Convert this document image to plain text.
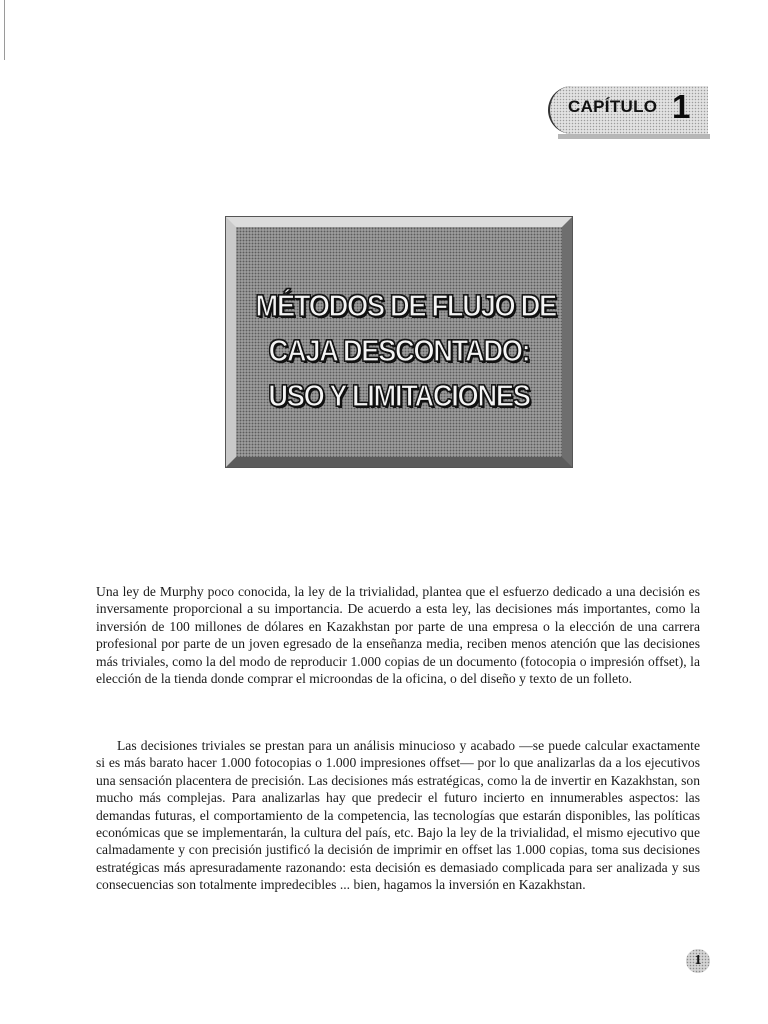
CAPÍTULO 1
MÉTODOS DE FLUJO DE
CAJA DESCONTADO:
USO Y LIMITACIONES

Una ley de Murphy poco conocida, la ley de la trivialidad, plantea que el esfuerzo dedicado a una decisión es inversamente proporcional a su importancia. De acuerdo a esta ley, las decisiones más importantes, como la inversión de 100 millones de dólares en Kazakhstan por parte de una empresa o la elección de una carrera profesional por parte de un joven egresado de la enseñanza media, reciben menos atención que las decisiones más triviales, como la del modo de reproducir 1.000 copias de un documento (fotocopia o impresión offset), la elección de la tienda donde comprar el microondas de la oficina, o del diseño y texto de un folleto.

Las decisiones triviales se prestan para un análisis minucioso y acabado —se puede calcular exactamente si es más barato hacer 1.000 fotocopias o 1.000 impresiones offset— por lo que analizarlas da a los ejecutivos una sensación placentera de precisión. Las decisiones más estratégicas, como la de invertir en Kazakhstan, son mucho más complejas. Para analizarlas hay que predecir el futuro incierto en innumerables aspectos: las demandas futuras, el comportamiento de la competencia, las tecnologías que estarán disponibles, las políticas económicas que se implementarán, la cultura del país, etc. Bajo la ley de la trivialidad, el mismo ejecutivo que calmadamente y con precisión justificó la decisión de imprimir en offset las 1.000 copias, toma sus decisiones estratégicas más apresuradamente razonando: esta decisión es demasiado complicada para ser analizada y sus consecuencias son totalmente impredecibles ... bien, hagamos la inversión en Kazakhstan.

1
